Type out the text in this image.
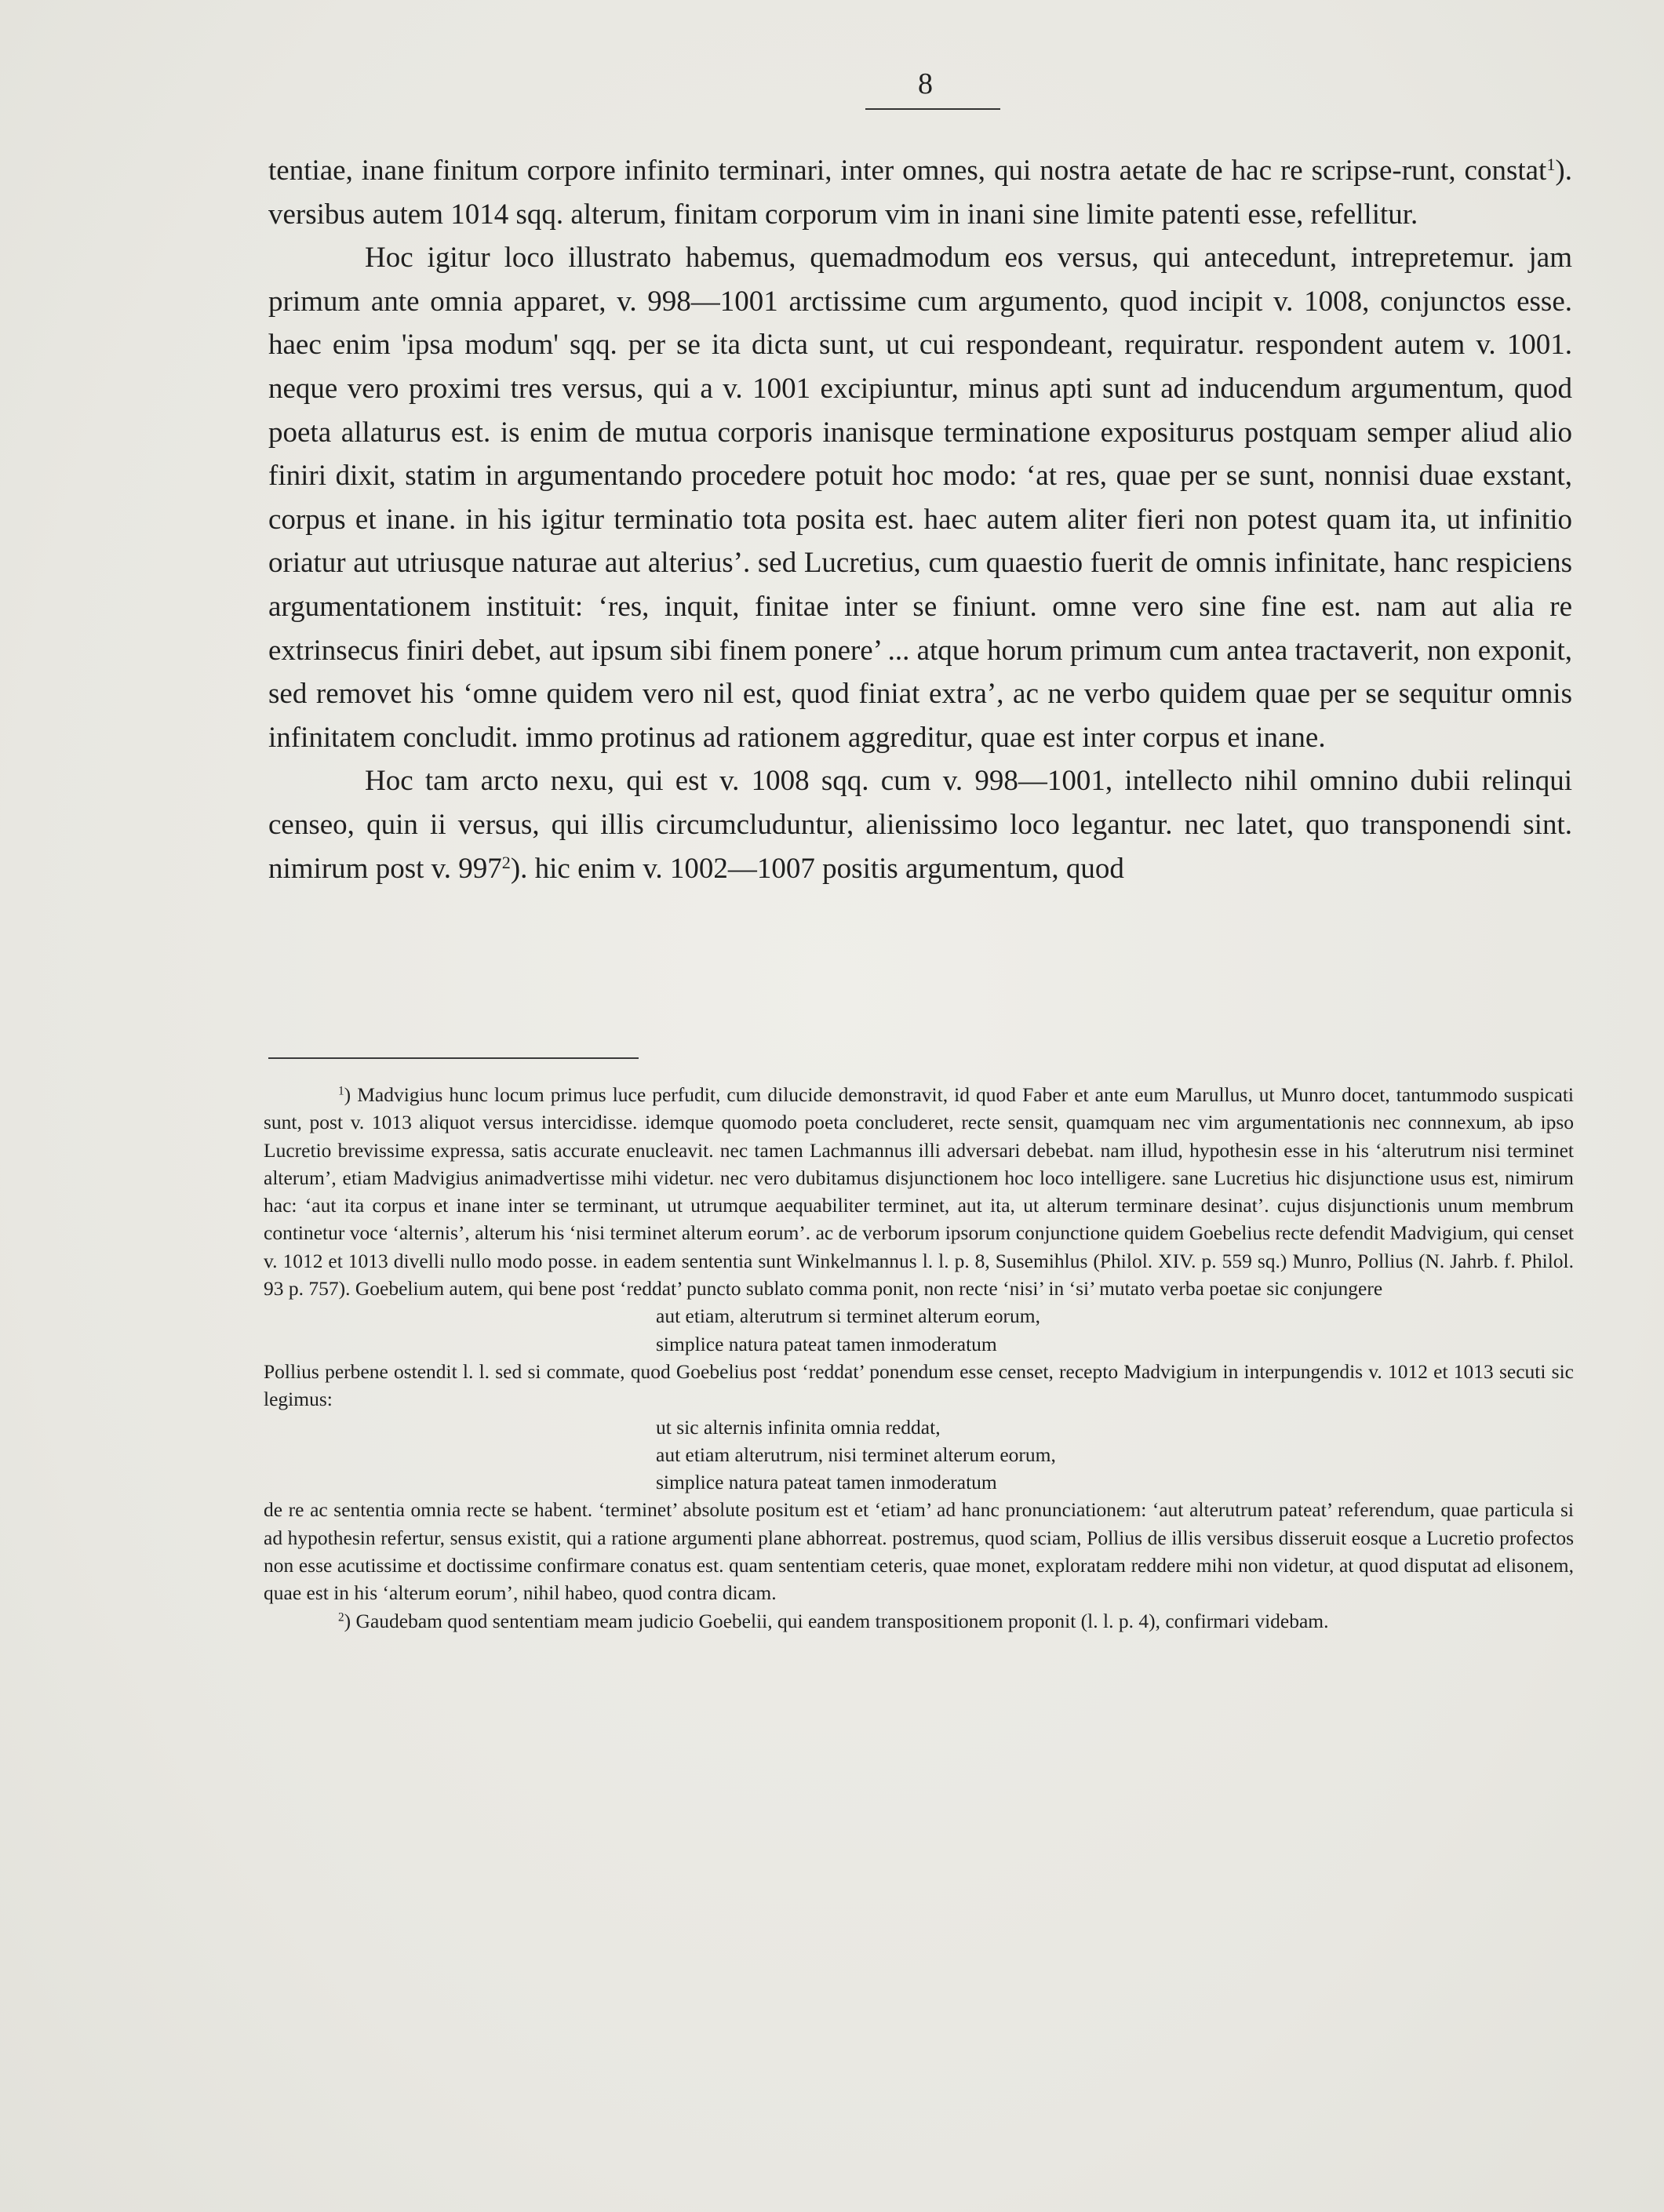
8

tentiae, inane finitum corpore infinito terminari, inter omnes, qui nostra aetate de hac re scripse-runt, constat$^1$). versibus autem 1014 sqq. alterum, finitam corporum vim in inani sine limite patenti esse, refellitur.

Hoc igitur loco illustrato habemus, quemadmodum eos versus, qui antecedunt, intrepretemur. jam primum ante omnia apparet, v. 998—1001 arctissime cum argumento, quod incipit v. 1008, conjunctos esse. haec enim 'ipsa modum' sqq. per se ita dicta sunt, ut cui respondeant, requiratur. respondent autem v. 1001. neque vero proximi tres versus, qui a v. 1001 excipiuntur, minus apti sunt ad inducendum argumentum, quod poeta allaturus est. is enim de mutua corporis inanisque terminatione expositurus postquam semper aliud alio finiri dixit, statim in argumentando procedere potuit hoc modo: ‘at res, quae per se sunt, nonnisi duae exstant, corpus et inane. in his igitur terminatio tota posita est. haec autem aliter fieri non potest quam ita, ut infinitio oriatur aut utriusque naturae aut alterius’. sed Lucretius, cum quaestio fuerit de omnis infinitate, hanc respiciens argumentationem instituit: ‘res, inquit, finitae inter se finiunt. omne vero sine fine est. nam aut alia re extrinsecus finiri debet, aut ipsum sibi finem ponere’ ... atque horum primum cum antea tractaverit, non exponit, sed removet his ‘omne quidem vero nil est, quod finiat extra’, ac ne verbo quidem quae per se sequitur omnis infinitatem concludit. immo protinus ad rationem aggreditur, quae est inter corpus et inane.

Hoc tam arcto nexu, qui est v. 1008 sqq. cum v. 998—1001, intellecto nihil omnino dubii relinqui censeo, quin ii versus, qui illis circumcluduntur, alienissimo loco legantur. nec latet, quo transponendi sint. nimirum post v. $997^2$). hic enim v. 1002—1007 positis argumentum, quod

$^1$) Madvigius hunc locum primus luce perfudit, cum dilucide demonstravit, id quod Faber et ante eum Marullus, ut Munro docet, tantummodo suspicati sunt, post v. 1013 aliquot versus intercidisse. idemque quomodo poeta concluderet, recte sensit, quamquam nec vim argumentationis nec connnexum, ab ipso Lucretio brevissime expressa, satis accurate enucleavit. nec tamen Lachmannus illi adversari debebat. nam illud, hypothesin esse in his ‘alterutrum nisi terminet alterum’, etiam Madvigius animadvertisse mihi videtur. nec vero dubitamus disjunctionem hoc loco intelligere. sane Lucretius hic disjunctione usus est, nimirum hac: ‘aut ita corpus et inane inter se terminant, ut utrumque aequabiliter terminet, aut ita, ut alterum terminare desinat’. cujus disjunctionis unum membrum continetur voce ‘alternis’, alterum his ‘nisi terminet alterum eorum’. ac de verborum ipsorum conjunctione quidem Goebelius recte defendit Madvigium, qui censet v. 1012 et 1013 divelli nullo modo posse. in eadem sententia sunt Winkelmannus l. l. p. 8, Susemihlus (Philol. XIV. p. 559 sq.) Munro, Pollius (N. Jahrb. f. Philol. 93 p. 757). Goebelium autem, qui bene post ‘reddat’ puncto sublato comma ponit, non recte ‘nisi’ in ‘si’ mutato verba poetae sic conjungere

aut etiam, alterutrum si terminet alterum eorum,
simplice natura pateat tamen inmoderatum

Pollius perbene ostendit l. l. sed si commate, quod Goebelius post ‘reddat’ ponendum esse censet, recepto Madvigium in interpungendis v. 1012 et 1013 secuti sic legimus:

ut sic alternis infinita omnia reddat,
aut etiam alterutrum, nisi terminet alterum eorum,
simplice natura pateat tamen inmoderatum

de re ac sententia omnia recte se habent. ‘terminet’ absolute positum est et ‘etiam’ ad hanc pronunciationem: ‘aut alterutrum pateat’ referendum, quae particula si ad hypothesin refertur, sensus existit, qui a ratione argumenti plane abhorreat. postremus, quod sciam, Pollius de illis versibus disseruit eosque a Lucretio profectos non esse acutissime et doctissime confirmare conatus est. quam sententiam ceteris, quae monet, exploratam reddere mihi non videtur, at quod disputat ad elisonem, quae est in his ‘alterum eorum’, nihil habeo, quod contra dicam.

$^2$) Gaudebam quod sententiam meam judicio Goebelii, qui eandem transpositionem proponit (l. l. p. 4), confirmari videbam.
